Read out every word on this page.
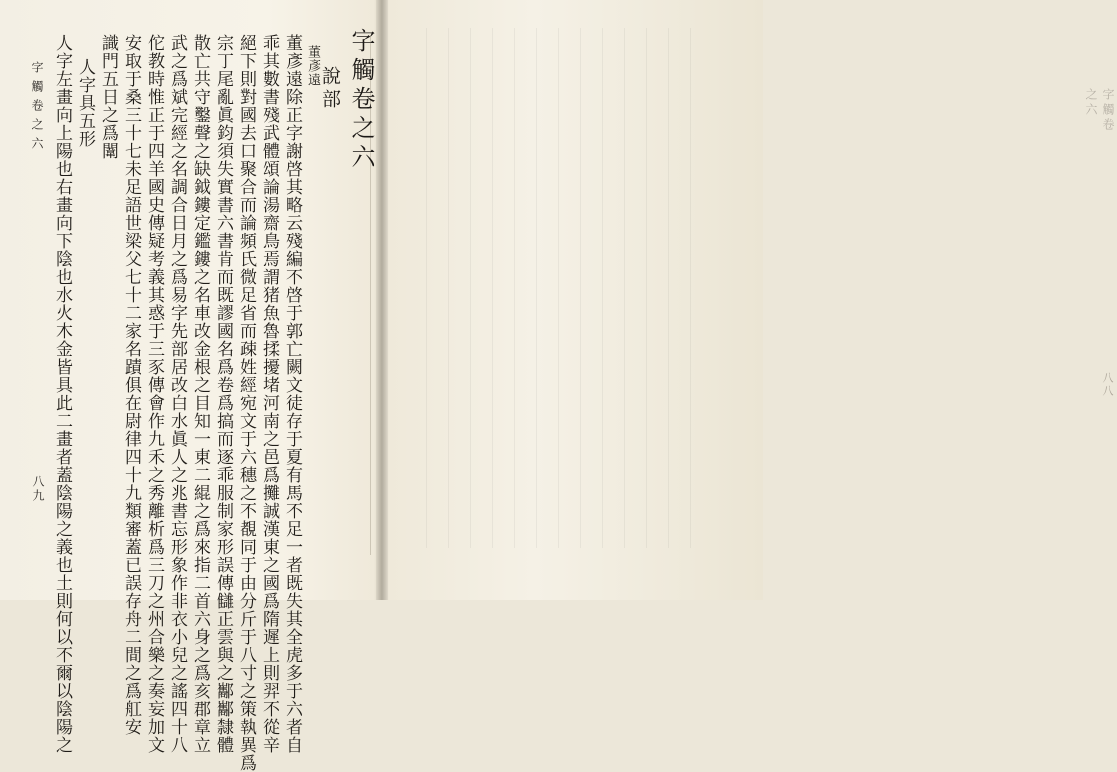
字觸卷之六
說部
董彥遠
董彥遠除正字謝啓其略云殘編不啓于郭亡闕文徒存于夏有馬不足一者既失其全虎多于六者自
乖其數書殘武體頌論湯齋鳥焉謂猪魚魯揉擾堵河南之邑爲攤誠漢東之國爲隋遲上則羿不從辛
絕下則對國去口聚合而論頻氏微足省而疎姓經宛文于六穗之不覩同于由分斤于八寸之策執異爲
宗丁尾亂眞鈞須失實書六書肯而既謬國名爲卷爲搞而逐乖服制家形誤傳讎正雲與之酅酅隸體
散亡共守鑿聲之缺鉞鏤定鑑鏤之名車改金根之目知一東二緄之爲來指二首六身之爲亥郡章立
武之爲斌完經之名調合日月之爲易字先部居改白水眞人之兆書忘形象作非衣小兒之謠四十八
佗教時惟正于四羊國史傳疑考義其惑于三豕傳會作九禾之秀離析爲三刀之州合樂之奏妄加文
安取于桑三十七未足語世梁父七十二家名蹟俱在尉律四十九類審蓋已誤存舟二間之爲舡安
識門五日之爲闈
人字具五形
人字左畫向上陽也右畫向下陰也水火木金皆具此二畫者蓋陰陽之義也土則何以不爾以陰陽之
字觸卷之六
八九
字觸卷之六
八八
